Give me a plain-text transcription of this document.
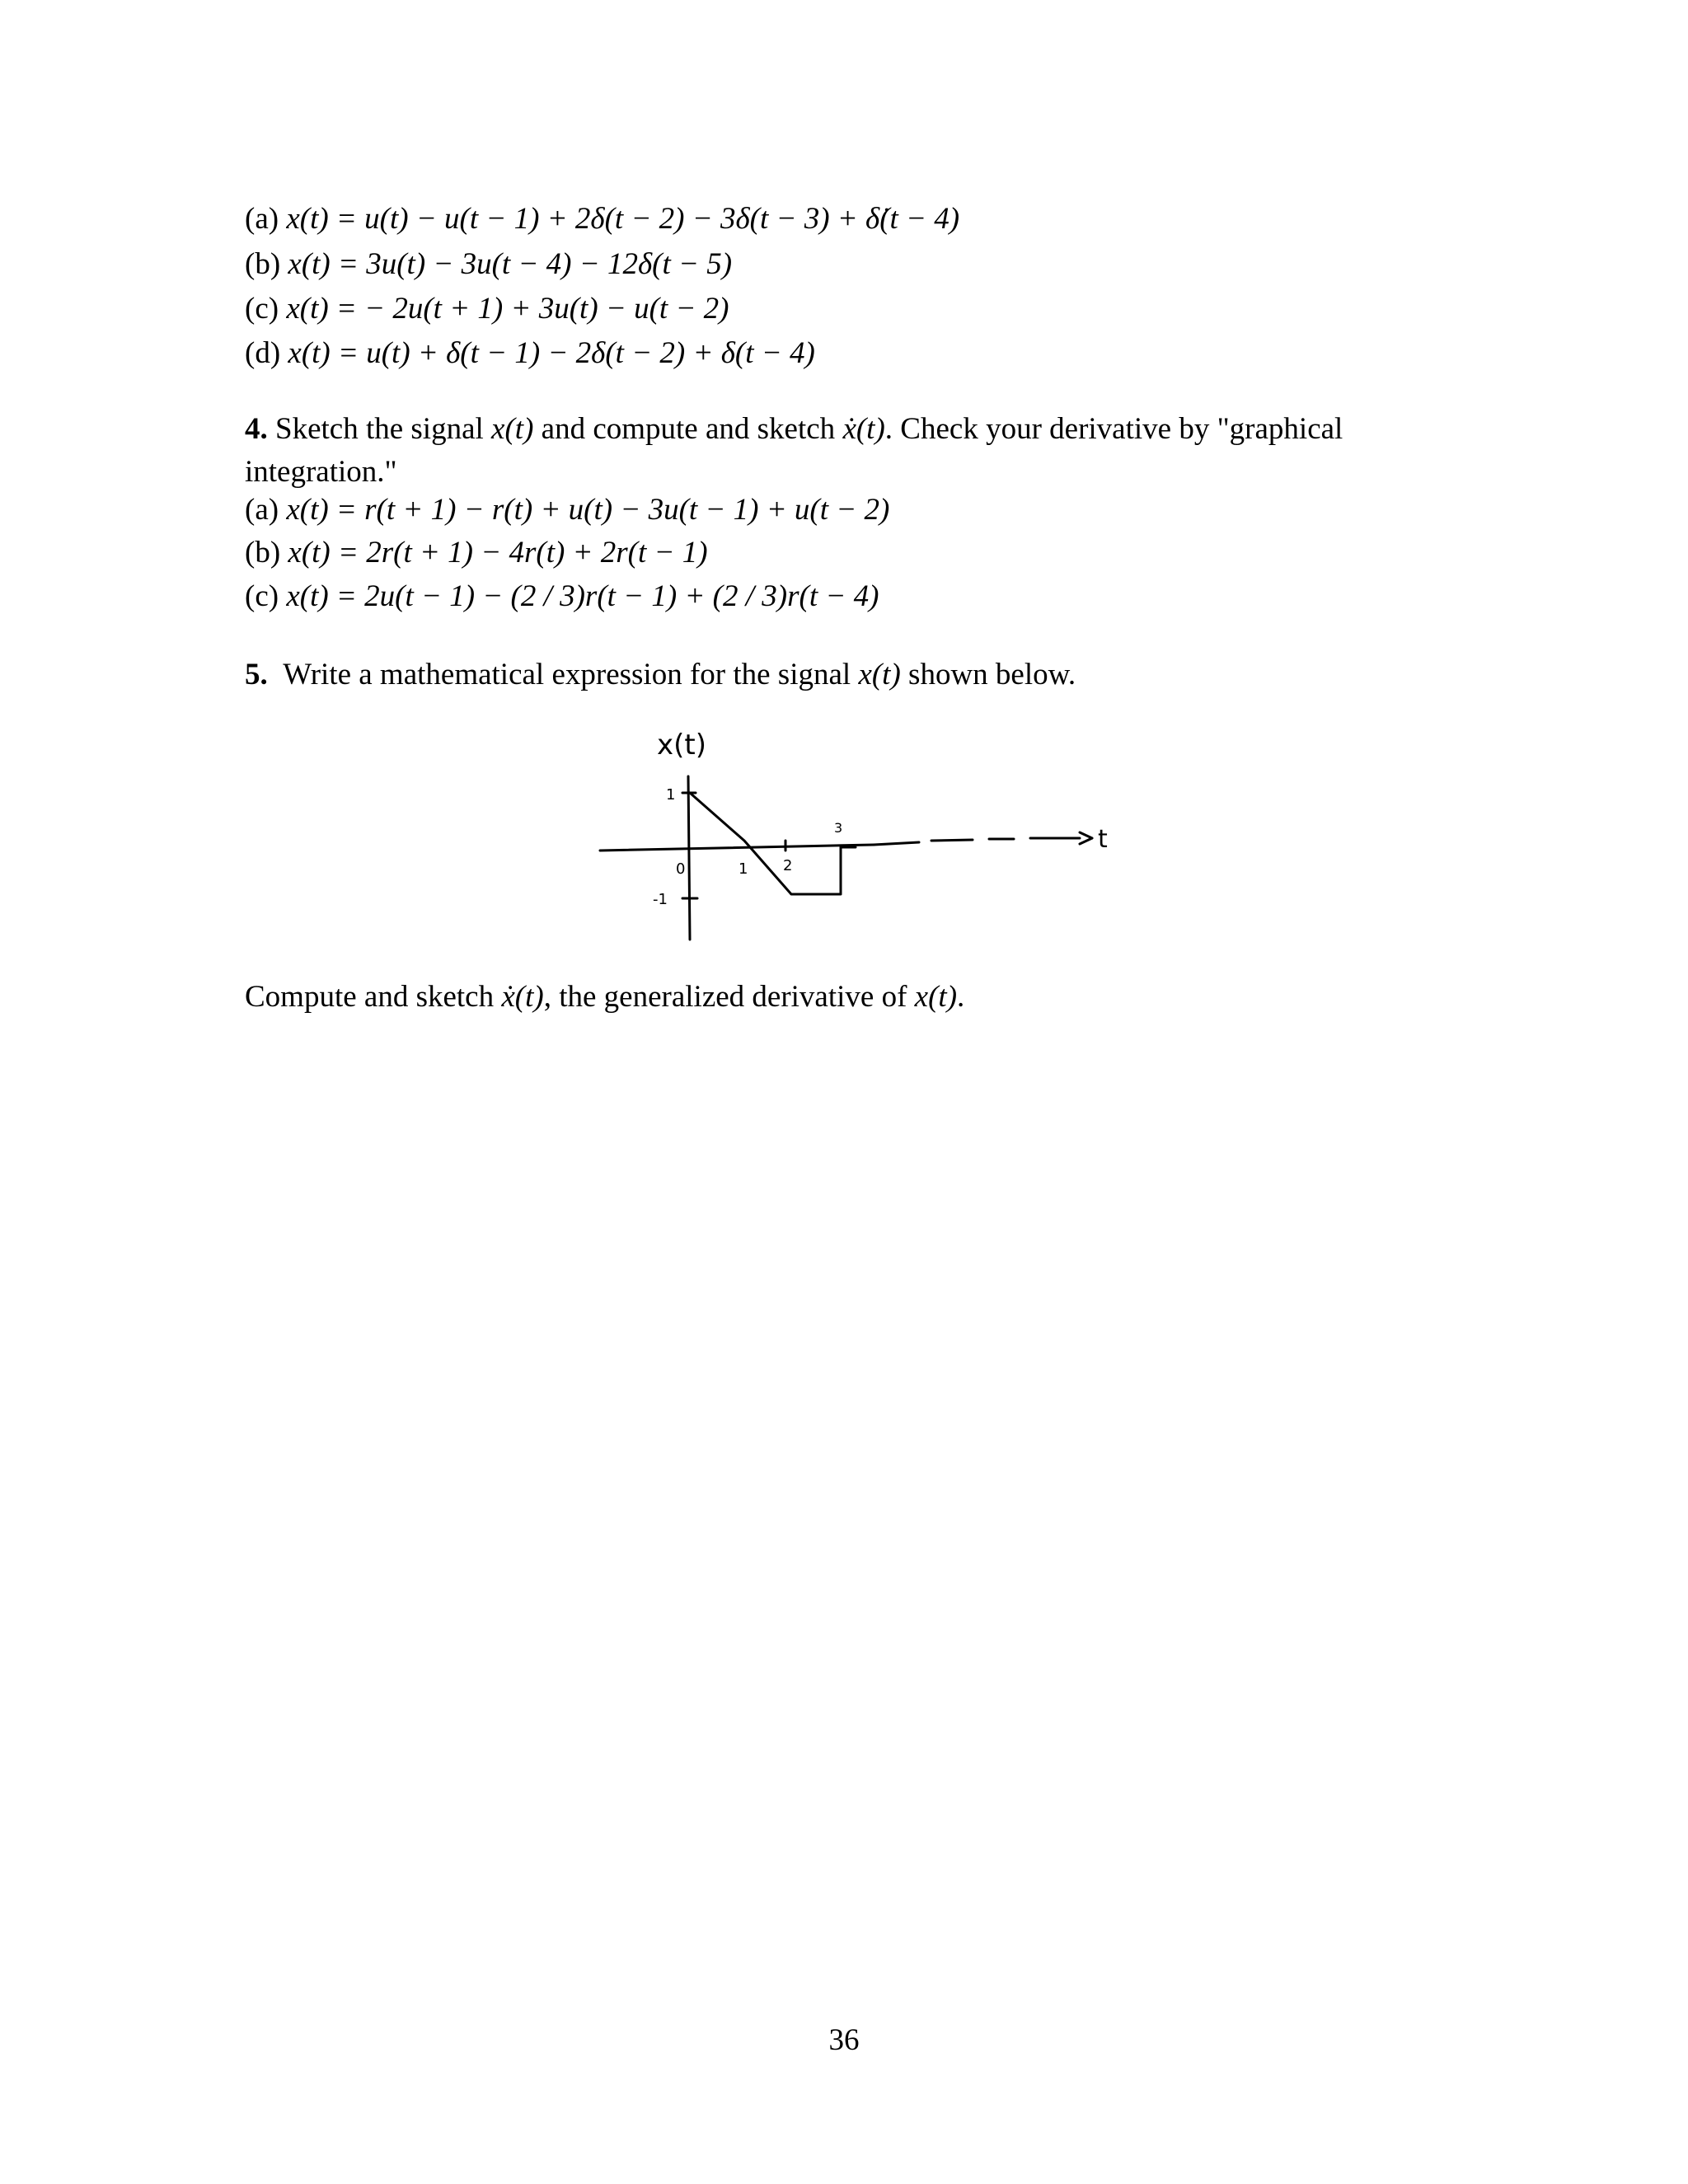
(a) x(t) = u(t) − u(t − 1) + 2δ(t − 2) − 3δ(t − 3) + δ̇(t − 4)
(b) x(t) = 3u(t) − 3u(t − 4) − 12δ(t − 5)
(c) x(t) = − 2u(t + 1) + 3u(t) − u(t − 2)
(d) x(t) = u(t) + δ(t − 1) − 2δ(t − 2) + δ(t − 4)
4. Sketch the signal x(t) and compute and sketch ẋ(t). Check your derivative by "graphical
integration."
(a) x(t) = r(t + 1) − r(t) + u(t) − 3u(t − 1) + u(t − 2)
(b) x(t) = 2r(t + 1) − 4r(t) + 2r(t − 1)
(c) x(t) = 2u(t − 1) − (2 / 3)r(t − 1) + (2 / 3)r(t − 4)
5. Write a mathematical expression for the signal x(t) shown below.
x(t)
t
0	1 2
3
1
-1
Compute and sketch ẋ(t), the generalized derivative of x(t).
36
